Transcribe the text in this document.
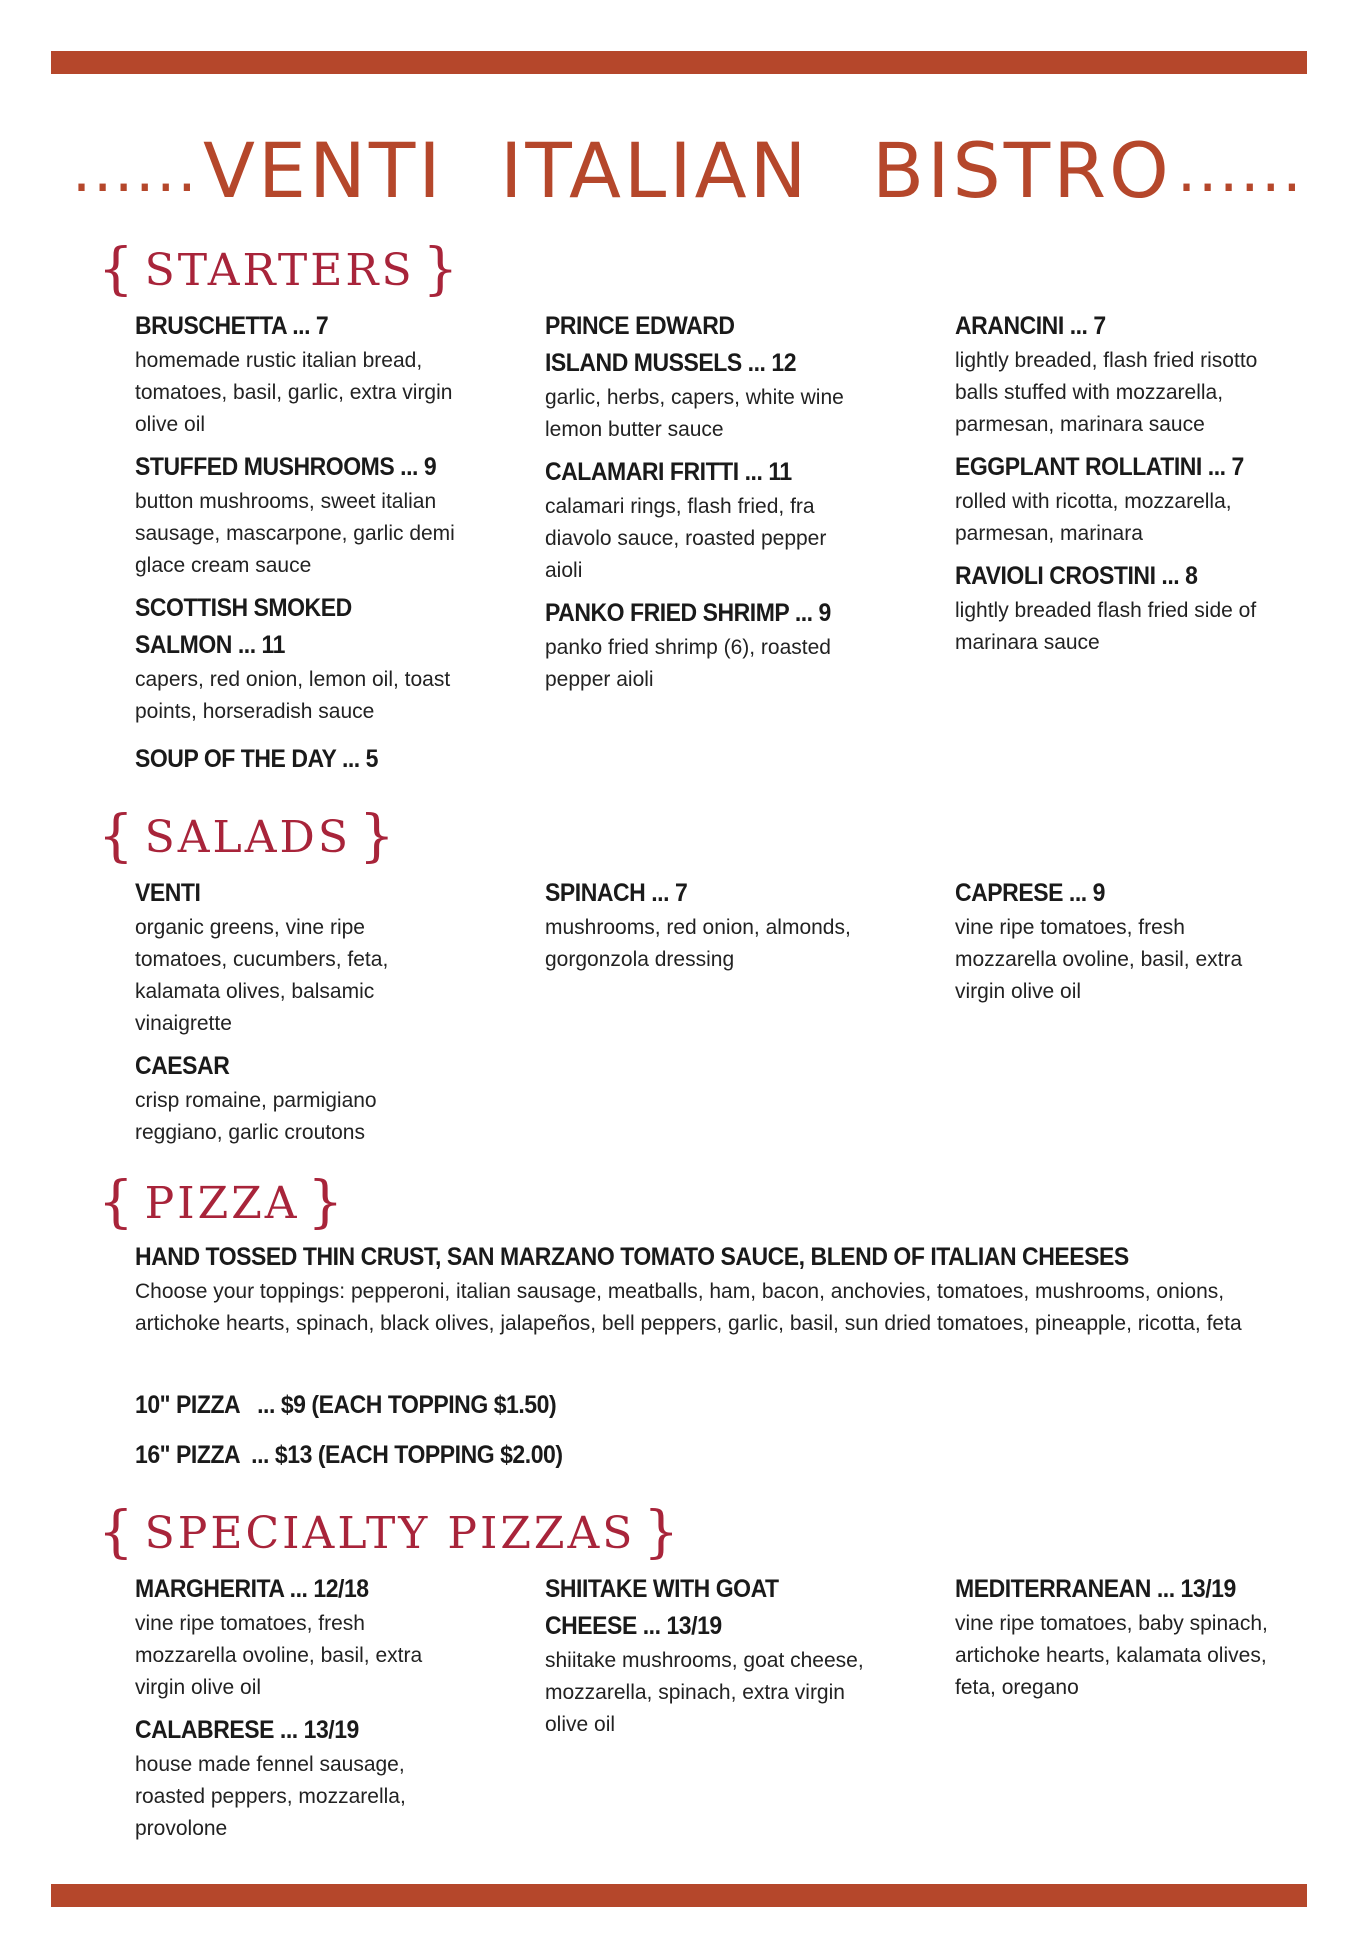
...... VENTI ITALIAN BISTRO ......
{ STARTERS }
BRUSCHETTA ... 7
homemade rustic italian bread, tomatoes, basil, garlic, extra virgin olive oil
STUFFED MUSHROOMS ... 9
button mushrooms, sweet italian sausage, mascarpone, garlic demi glace cream sauce
SCOTTISH SMOKED SALMON ... 11
capers, red onion, lemon oil, toast points, horseradish sauce
PRINCE EDWARD ISLAND MUSSELS ... 12
garlic, herbs, capers, white wine lemon butter sauce
CALAMARI FRITTI ... 11
calamari rings, flash fried, fra diavolo sauce, roasted pepper aioli
PANKO FRIED SHRIMP ... 9
panko fried shrimp (6), roasted pepper aioli
ARANCINI ... 7
lightly breaded, flash fried risotto balls stuffed with mozzarella, parmesan, marinara sauce
EGGPLANT ROLLATINI ... 7
rolled with ricotta, mozzarella, parmesan, marinara
RAVIOLI CROSTINI ... 8
lightly breaded flash fried side of marinara sauce
SOUP OF THE DAY ... 5
{ SALADS }
VENTI
organic greens, vine ripe tomatoes, cucumbers, feta, kalamata olives, balsamic vinaigrette
CAESAR
crisp romaine, parmigiano reggiano, garlic croutons
SPINACH ... 7
mushrooms, red onion, almonds, gorgonzola dressing
CAPRESE ... 9
vine ripe tomatoes, fresh mozzarella ovoline, basil, extra virgin olive oil
{ PIZZA }
HAND TOSSED THIN CRUST, SAN MARZANO TOMATO SAUCE, BLEND OF ITALIAN CHEESES
Choose your toppings: pepperoni, italian sausage, meatballs, ham, bacon, anchovies, tomatoes, mushrooms, onions, artichoke hearts, spinach, black olives, jalapeños, bell peppers, garlic, basil, sun dried tomatoes, pineapple, ricotta, feta
10" PIZZA   ... $9 (EACH TOPPING $1.50)
16" PIZZA  ... $13 (EACH TOPPING $2.00)
{ SPECIALTY PIZZAS }
MARGHERITA ... 12/18
vine ripe tomatoes, fresh mozzarella ovoline, basil, extra virgin olive oil
CALABRESE ... 13/19
house made fennel sausage, roasted peppers, mozzarella, provolone
SHIITAKE WITH GOAT CHEESE ... 13/19
shiitake mushrooms, goat cheese, mozzarella, spinach, extra virgin olive oil
MEDITERRANEAN ... 13/19
vine ripe tomatoes, baby spinach, artichoke hearts, kalamata olives, feta, oregano
